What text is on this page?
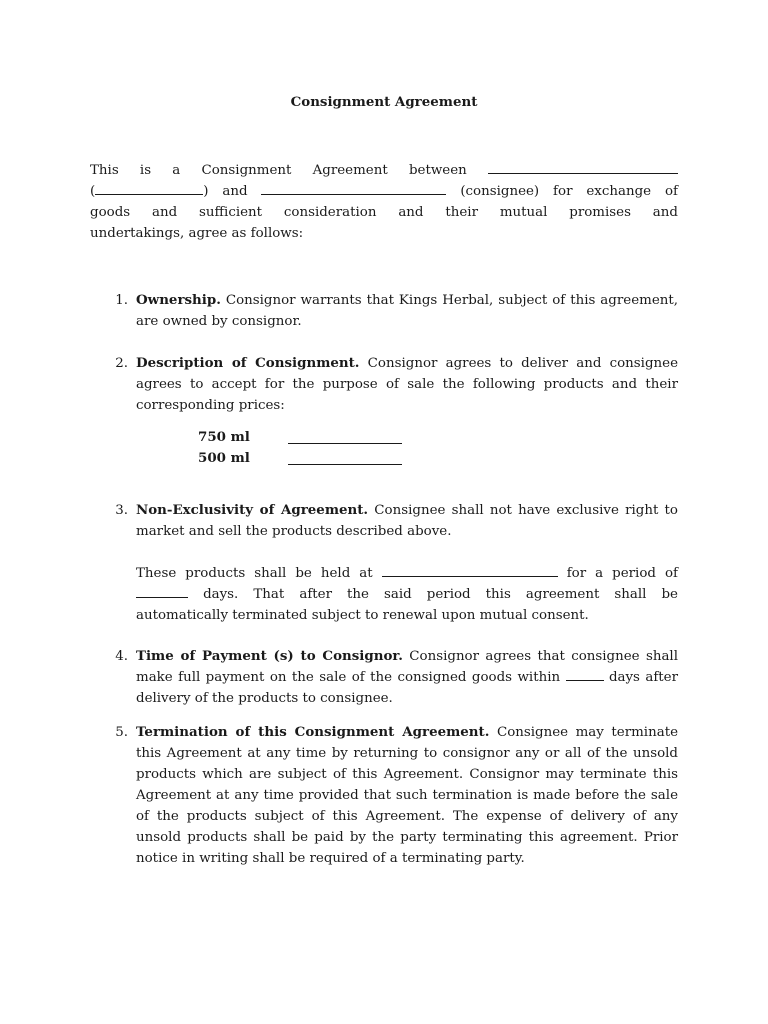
Consignment Agreement
This is a Consignment Agreement between
(	) and	(consignee) for exchange of
goods and sufficient consideration and their mutual promises and
undertakings, agree as follows:
1. Ownership. Consignor warrants that Kings Herbal, subject of this agreement, are owned by consignor.
2. Description of Consignment. Consignor agrees to deliver and consignee agrees to accept for the purpose of sale the following products and their corresponding prices:
750 ml
500 ml
3. Non-Exclusivity of Agreement. Consignee shall not have exclusive right to market and sell the products described above.
These products shall be held at	for a period of
days. That after the said period this agreement shall be
automatically terminated subject to renewal upon mutual consent.
4. Time of Payment (s) to Consignor. Consignor agrees that consignee shall make full payment on the sale of the consigned goods within	days after delivery of the products to consignee.
5. Termination of this Consignment Agreement. Consignee may terminate this Agreement at any time by returning to consignor any or all of the unsold products which are subject of this Agreement. Consignor may terminate this Agreement at any time provided that such termination is made before the sale of the products subject of this Agreement. The expense of delivery of any unsold products shall be paid by the party terminating this agreement. Prior notice in writing shall be required of a terminating party.
